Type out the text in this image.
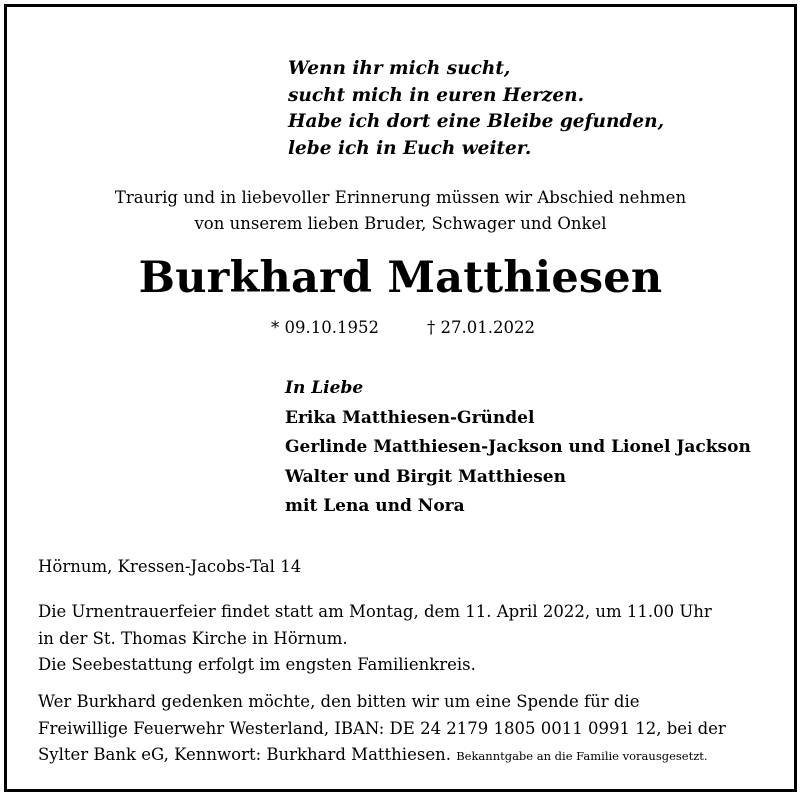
Wenn ihr mich sucht,
sucht mich in euren Herzen.
Habe ich dort eine Bleibe gefunden,
lebe ich in Euch weiter.
Traurig und in liebevoller Erinnerung müssen wir Abschied nehmen
von unserem lieben Bruder, Schwager und Onkel
Burkhard Matthiesen
* 09.10.1952	† 27.01.2022
In Liebe
Erika Matthiesen-Gründel
Gerlinde Matthiesen-Jackson und Lionel Jackson
Walter und Birgit Matthiesen
mit Lena und Nora
Hörnum, Kressen-Jacobs-Tal 14
Die Urnentrauerfeier findet statt am Montag, dem 11. April 2022, um 11.00 Uhr
in der St. Thomas Kirche in Hörnum.
Die Seebestattung erfolgt im engsten Familienkreis.
Wer Burkhard gedenken möchte, den bitten wir um eine Spende für die
Freiwillige Feuerwehr Westerland, IBAN: DE 24 2179 1805 0011 0991 12, bei der
Sylter Bank eG, Kennwort: Burkhard Matthiesen. Bekanntgabe an die Familie vorausgesetzt.
